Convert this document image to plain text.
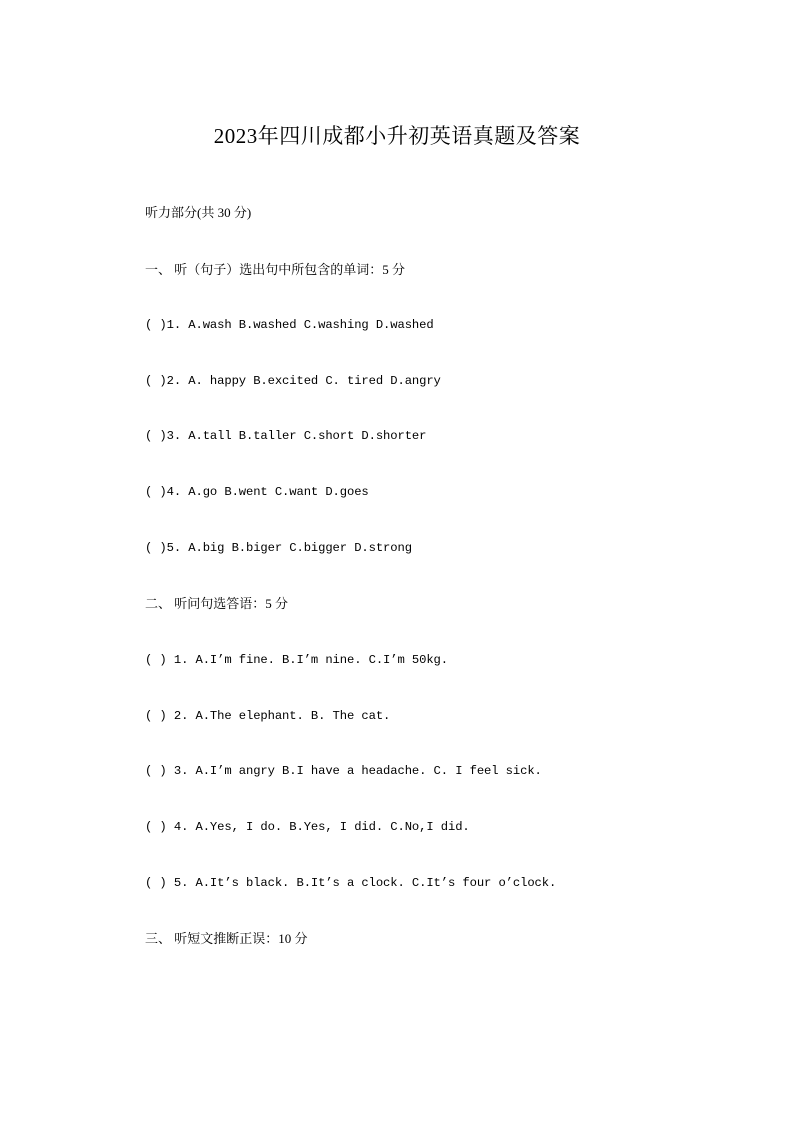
2023年四川成都小升初英语真题及答案
听力部分(共 30 分)
一、 听（句子）选出句中所包含的单词：5 分
( )1. A.wash B.washed C.washing D.washed
( )2. A. happy B.excited C. tired D.angry
( )3. A.tall B.taller C.short D.shorter
( )4. A.go B.went C.want D.goes
( )5. A.big B.biger C.bigger D.strong
二、 听问句选答语：5 分
( ) 1. A.I’m fine. B.I’m nine. C.I’m 50kg.
( ) 2. A.The elephant. B. The cat.
( ) 3. A.I’m angry B.I have a headache. C. I feel sick.
( ) 4. A.Yes, I do. B.Yes, I did. C.No,I did.
( ) 5. A.It’s black. B.It’s a clock. C.It’s four o’clock.
三、 听短文推断正误：10 分
